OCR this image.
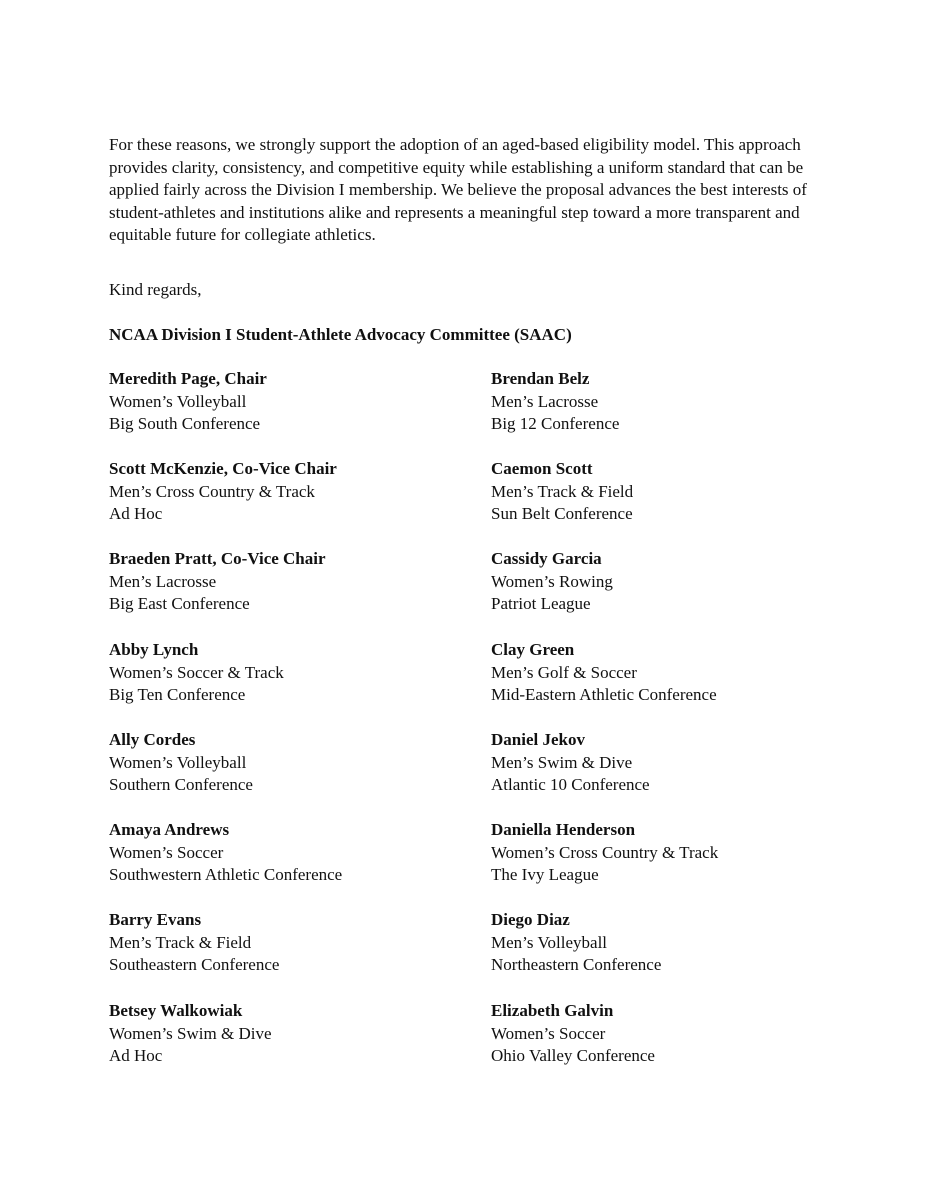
For these reasons, we strongly support the adoption of an aged-based eligibility model. This approach provides clarity, consistency, and competitive equity while establishing a uniform standard that can be applied fairly across the Division I membership. We believe the proposal advances the best interests of student-athletes and institutions alike and represents a meaningful step toward a more transparent and equitable future for collegiate athletics.

Kind regards,

NCAA Division I Student-Athlete Advocacy Committee (SAAC)

Meredith Page, Chair
Women’s Volleyball
Big South Conference
Scott McKenzie, Co-Vice Chair
Men’s Cross Country & Track
Ad Hoc
Braeden Pratt, Co-Vice Chair
Men’s Lacrosse
Big East Conference
Abby Lynch
Women’s Soccer & Track
Big Ten Conference
Ally Cordes
Women’s Volleyball
Southern Conference
Amaya Andrews
Women’s Soccer
Southwestern Athletic Conference
Barry Evans
Men’s Track & Field
Southeastern Conference
Betsey Walkowiak
Women’s Swim & Dive
Ad Hoc
Brendan Belz
Men’s Lacrosse
Big 12 Conference
Caemon Scott
Men’s Track & Field
Sun Belt Conference
Cassidy Garcia
Women’s Rowing
Patriot League
Clay Green
Men’s Golf & Soccer
Mid-Eastern Athletic Conference
Daniel Jekov
Men’s Swim & Dive
Atlantic 10 Conference
Daniella Henderson
Women’s Cross Country & Track
The Ivy League
Diego Diaz
Men’s Volleyball
Northeastern Conference
Elizabeth Galvin
Women’s Soccer
Ohio Valley Conference
